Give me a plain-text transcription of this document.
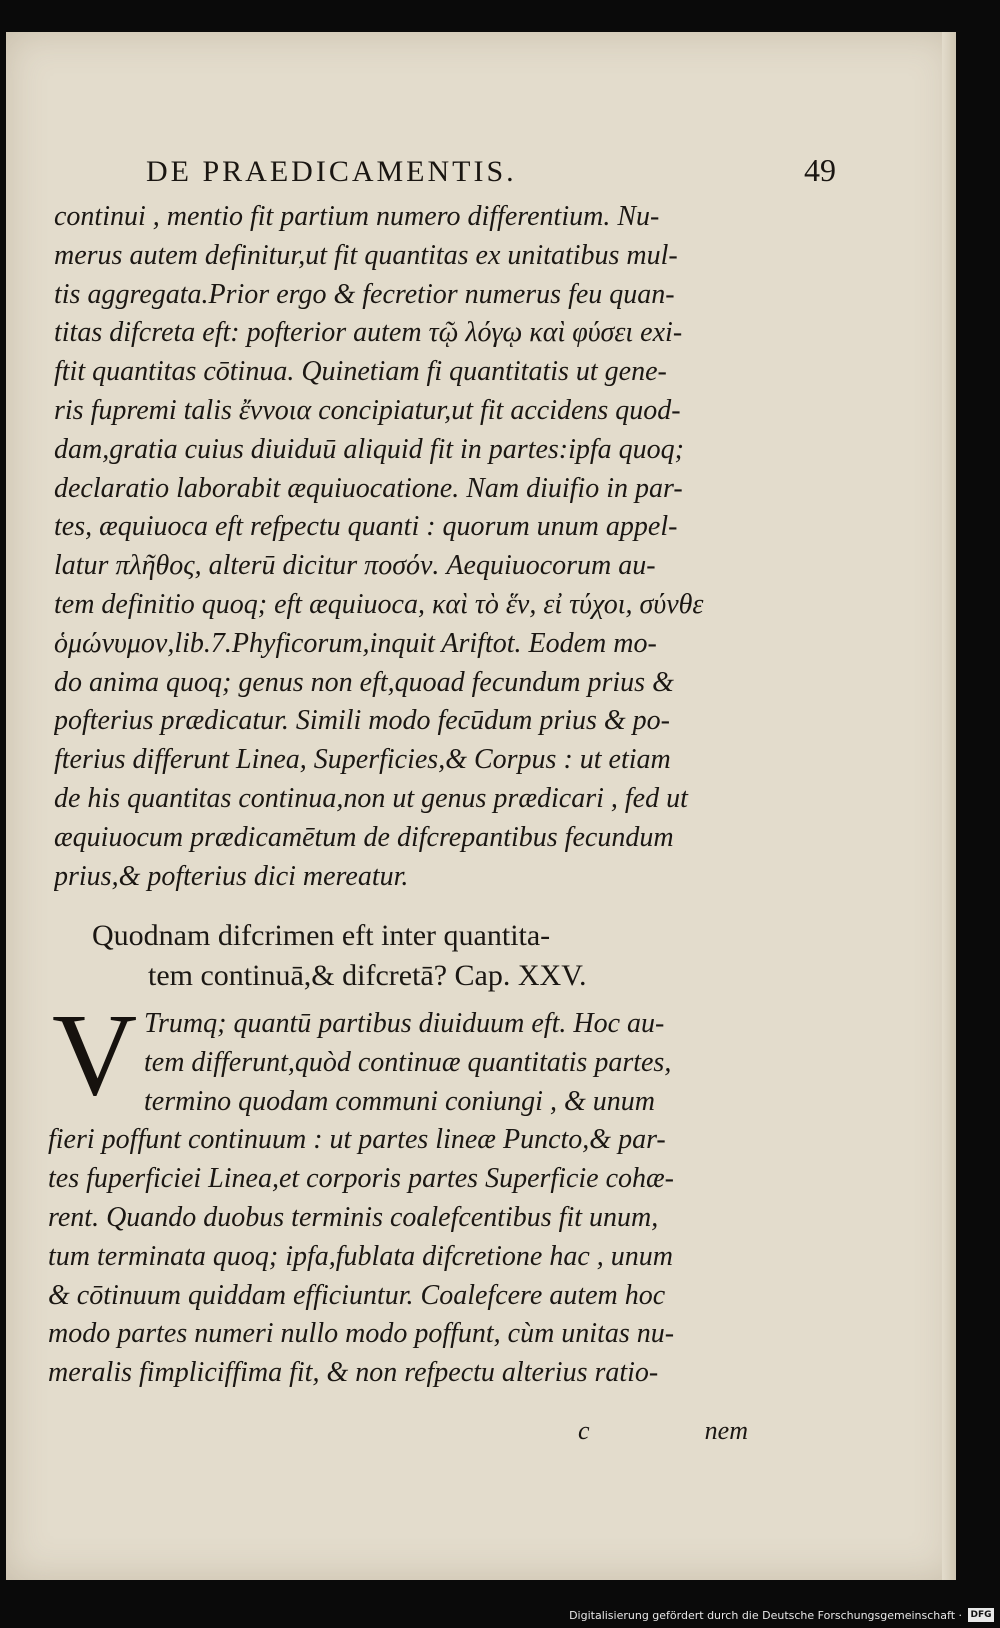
DE PRAEDICAMENTIS.	49
continui , mentio fit partium numero differentium. Nu-
merus autem definitur,ut fit quantitas ex unitatibus mul-
tis aggregata.Prior ergo & fecretior numerus feu quan-
titas difcreta eft: pofterior autem τῷ λόγῳ καὶ φύσει exi-
ftit quantitas cōtinua. Quinetiam fi quantitatis ut gene-
ris fupremi talis ἔννοια concipiatur,ut fit accidens quod-
dam,gratia cuius diuiduū aliquid fit in partes:ipfa quoq;
declaratio laborabit æquiuocatione. Nam diuifio in par-
tes, æquiuoca eft refpectu quanti : quorum unum appel-
latur πλῆθος, alterū dicitur ποσόν. Aequiuocorum au-
tem definitio quoq; eft æquiuoca, καὶ τὸ ἕν, εἰ τύχοι, σύνθε
ὁμώνυμον,lib.7.Phyficorum,inquit Ariftot. Eodem mo-
do anima quoq; genus non eft,quoad fecundum prius &
pofterius prædicatur. Simili modo fecūdum prius & po-
fterius differunt Linea, Superficies,& Corpus : ut etiam
de his quantitas continua,non ut genus prædicari , fed ut
æquiuocum prædicamētum de difcrepantibus fecundum
prius,& pofterius dici mereatur.
Quodnam difcrimen eft inter quantita-
tem continuā,& difcretā? Cap. XXV.
V Trumq; quantū partibus diuiduum eft. Hoc au-
tem differunt,quòd continuæ quantitatis partes,
termino quodam communi coniungi , & unum
fieri poffunt continuum : ut partes lineæ Puncto,& par-
tes fuperficiei Linea,et corporis partes Superficie cohæ-
rent. Quando duobus terminis coalefcentibus fit unum,
tum terminata quoq; ipfa,fublata difcretione hac , unum
& cōtinuum quiddam efficiuntur. Coalefcere autem hoc
modo partes numeri nullo modo poffunt, cùm unitas nu-
meralis fimpliciffima fit, & non refpectu alterius ratio-
c	nem
Digitalisierung gefördert durch die Deutsche Forschungsgemeinschaft · DFG
